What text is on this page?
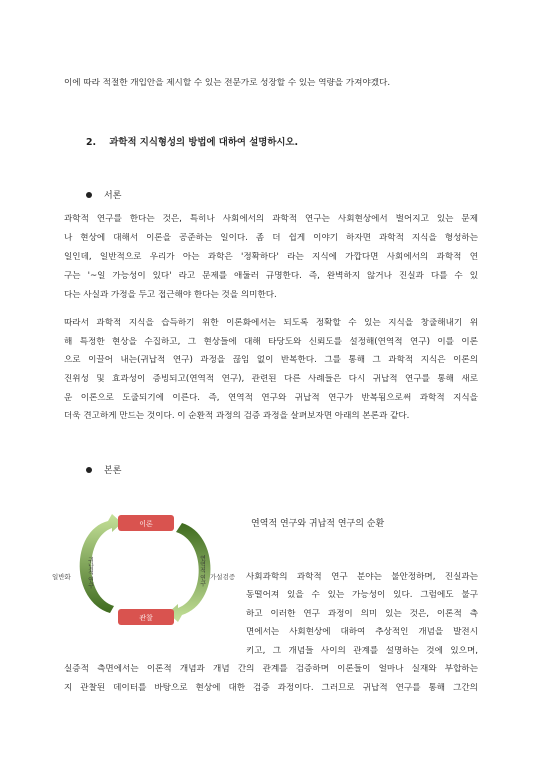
이에 따라 적절한 개입안을 제시할 수 있는 전문가로 성장할 수 있는 역량을 가져야겠다.
2. 과학적 지식형성의 방법에 대하여 설명하시오.
서론
과학적 연구를 한다는 것은, 특히나 사회에서의 과학적 연구는 사회현상에서 벌어지고 있는 문제
나 현상에 대해서 이론을 공준하는 일이다. 좀 더 쉽게 이야기 하자면 과학적 지식을 형성하는
일인데, 일반적으로 우리가 아는 과학은 '정확하다' 라는 지식에 가깝다면 사회에서의 과학적 연
구는 '~일 가능성이 있다' 라고 문제를 애둘러 규명한다. 즉, 완벽하지 않거나 진실과 다를 수 있
다는 사실과 가정을 두고 접근해야 한다는 것을 의미한다.
따라서 과학적 지식을 습득하기 위한 이론화에서는 되도록 정확할 수 있는 지식을 창출해내기 위
해 특정한 현상을 수집하고, 그 현상들에 대해 타당도와 신뢰도를 설정해(연역적 연구) 이를 이론
으로 이끌어 내는(귀납적 연구) 과정을 끊임 없이 반복한다. 그를 통해 그 과학적 지식은 이론의
진위성 및 효과성이 증빙되고(연역적 연구), 관련된 다른 사례들은 다시 귀납적 연구를 통해 새로
운 이론으로 도출되기에 이른다. 즉, 연역적 연구와 귀납적 연구가 반복됨으로써 과학적 지식을
더욱 견고하게 만드는 것이다. 이 순환적 과정의 검증 과정을 살펴보자면 아래의 본론과 같다.
본론
이론
관찰
귀납적 연구	연역적 연구
일반화	가설검증
연역적 연구와 귀납적 연구의 순환
사회과학의 과학적 연구 분야는 불안정하며, 진실과는
동떨어져 있을 수 있는 가능성이 있다. 그럼에도 불구
하고 이러한 연구 과정이 의미 있는 것은, 이론적 측
면에서는 사회현상에 대하여 추상적인 개념을 발전시
키고, 그 개념들 사이의 관계를 설명하는 것에 있으며,
실증적 측면에서는 이론적 개념과 개념 간의 관계를 검증하며 이론들이 얼마나 실재와 부합하는
지 관찰된 데이터를 바탕으로 현상에 대한 검증 과정이다. 그러므로 귀납적 연구를 통해 그간의
